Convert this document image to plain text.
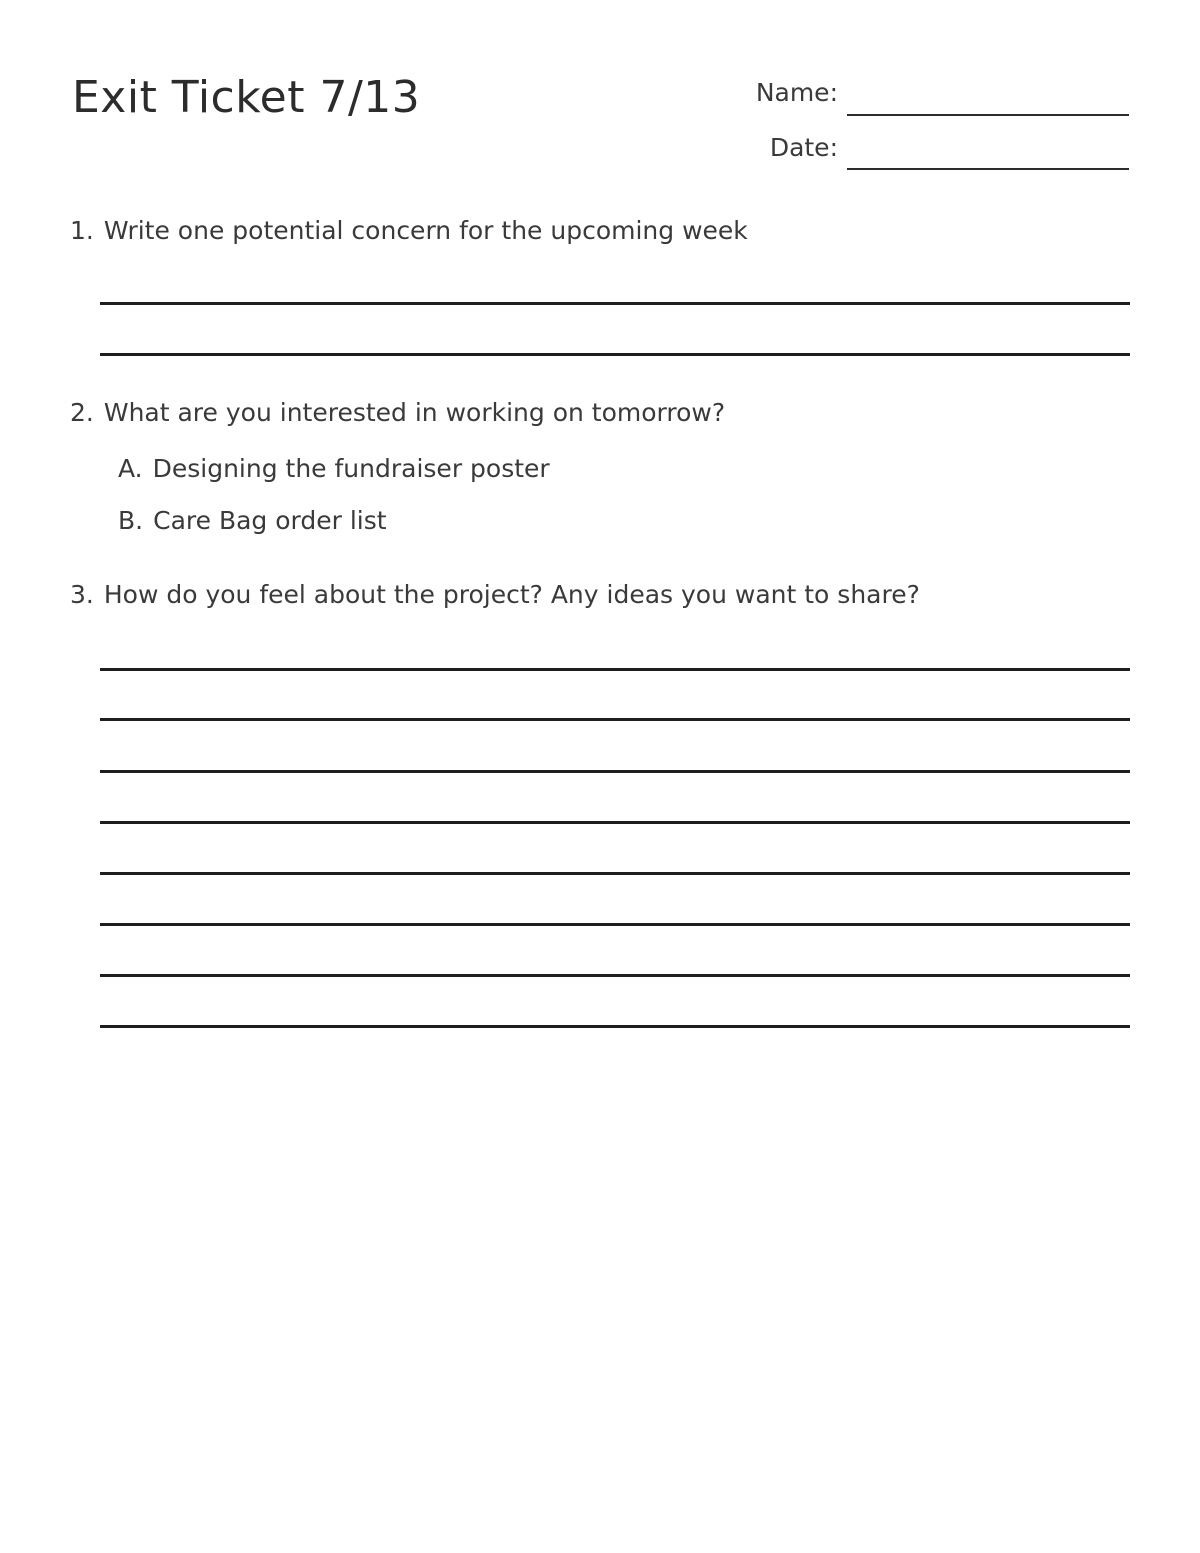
Exit Ticket 7/13	Name:
Date:
1. Write one potential concern for the upcoming week
2. What are you interested in working on tomorrow?
A. Designing the fundraiser poster
B. Care Bag order list
3. How do you feel about the project? Any ideas you want to share?
